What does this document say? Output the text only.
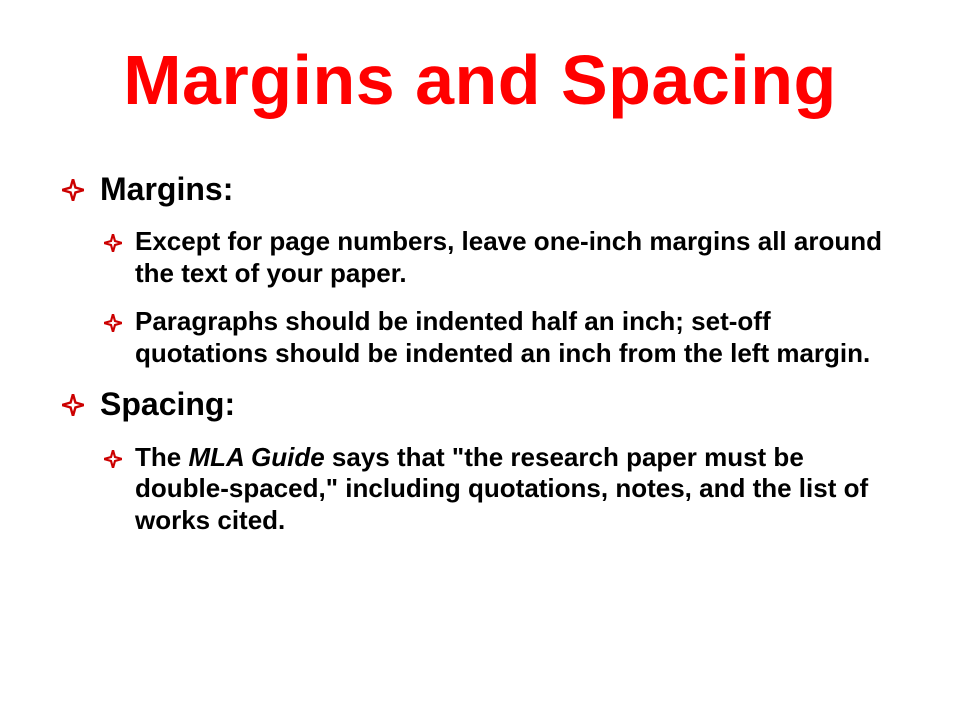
Margins and Spacing
Margins:
Except for page numbers, leave one-inch margins all around the text of your paper.
Paragraphs should be indented half an inch; set-off quotations should be indented an inch from the left margin.
Spacing:
The MLA Guide says that "the research paper must be double-spaced," including quotations, notes, and the list of works cited.
